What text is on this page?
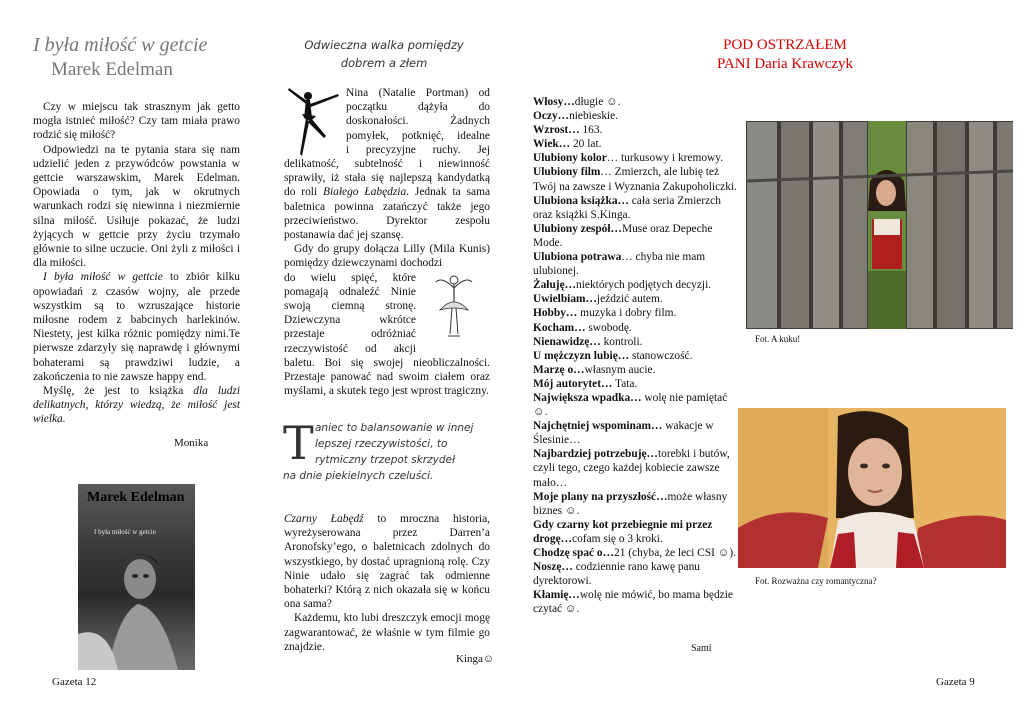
I była miłość w getcie
Marek Edelman

Czy w miejscu tak strasznym jak getto mogła istnieć miłość? Czy tam miała prawo rodzić się miłość?

Odpowiedzi na te pytania stara się nam udzielić jeden z przywódców powstania w gettcie warszawskim, Marek Edelman. Opowiada o tym, jak w okrutnych warunkach rodzi się niewinna i niezmiernie silna miłość. Usiłuje pokazać, że ludzi żyjących w gettcie przy życiu trzymało głównie to silne uczucie. Oni żyli z miłości i dla miłości.

I była miłość w gettcie to zbiór kilku opowiadań z czasów wojny, ale przede wszystkim są to wzruszające historie miłosne rodem z babcinych harlekinów. Niestety, jest kilka różnic pomiędzy nimi.Te pierwsze zdarzyły się naprawdę i głównymi bohaterami są prawdziwi ludzie, a zakończenia to nie zawsze happy end.

Myślę, że jest to książka dla ludzi delikatnych, którzy wiedzą, że miłość jest wielka.

Monika
Marek Edelman
I była miłość w getcie
Gazeta 12
Odwieczna walka pomiędzy
dobrem a złem

Nina (Natalie Portman) od

początku dążyła do

doskonałości. Żadnych

pomyłek, potknięć, idealne

i precyzyjne ruchy. Jej

delikatność, subtelność i niewinność sprawiły, iż stała się najlepszą kandydatką do roli Białego Łabędzia. Jednak ta sama baletnica powinna zatańczyć także jego przeciwieństwo. Dyrektor zespołu postanawia dać jej szansę.

Gdy do grupy dołącza Lilly (Mila Kunis) pomiędzy dziewczynami dochodzi

do wielu spięć, które

pomagają odnaleźć Ninie

swoją ciemną stronę.

Dziewczyna wkrótce

przestaje odróżniać

rzeczywistość od akcji

baletu. Boi się swojej nieobliczalności. Przestaje panować nad swoim ciałem oraz myślami, a skutek tego jest wprost tragiczny.

T aniec to balansowanie w innej
lepszej rzeczywistości, to
rytmiczny trzepot skrzydeł
na dnie piekielnych czeluści.

Czarny Łabędź to mroczna historia, wyreżyserowana przez Darren’a Aronofsky’ego, o baletnicach zdolnych do wszystkiego, by dostać upragnioną rolę. Czy Ninie udało się zagrać tak odmienne bohaterki? Którą z nich okazała się w końcu ona sama?

Każdemu, kto lubi dreszczyk emocji mogę zagwarantować, że właśnie w tym filmie go znajdzie.

Kinga☺
POD OSTRZAŁEM
PANI Daria Krawczyk

Włosy…długie ☺.

Oczy…niebieskie.

Wzrost… 163.

Wiek… 20 lat.

Ulubiony kolor… turkusowy i kremowy.

Ulubiony film… Zmierzch, ale lubię też Twój na zawsze i Wyznania Zakupoholiczki.

Ulubiona książka… cała seria Zmierzch oraz książki S.Kinga.

Ulubiony zespół…Muse oraz Depeche Mode.

Ulubiona potrawa… chyba nie mam ulubionej.

Żałuję…niektórych podjętych decyzji.

Uwielbiam…jeździć autem.

Hobby… muzyka i dobry film.

Kocham… swobodę.

Nienawidzę… kontroli.

U mężczyzn lubię… stanowczość.

Marzę o…własnym aucie.

Mój autorytet… Tata.

Największa wpadka… wolę nie pamiętać ☺.

Najchętniej wspominam… wakacje w Ślesinie…

Najbardziej potrzebuję…torebki i butów, czyli tego, czego każdej kobiecie zawsze mało…

Moje plany na przyszłość…może własny biznes ☺.

Gdy czarny kot przebiegnie mi przez drogę…cofam się o 3 kroki.

Chodzę spać o…21 (chyba, że leci CSI ☺).

Noszę… codziennie rano kawę panu dyrektorowi.

Kłamię…wolę nie mówić, bo mama będzie czytać ☺.

Sami
Fot. A kuku!
Fot. Rozważna czy romantyczna?
Gazeta 9
